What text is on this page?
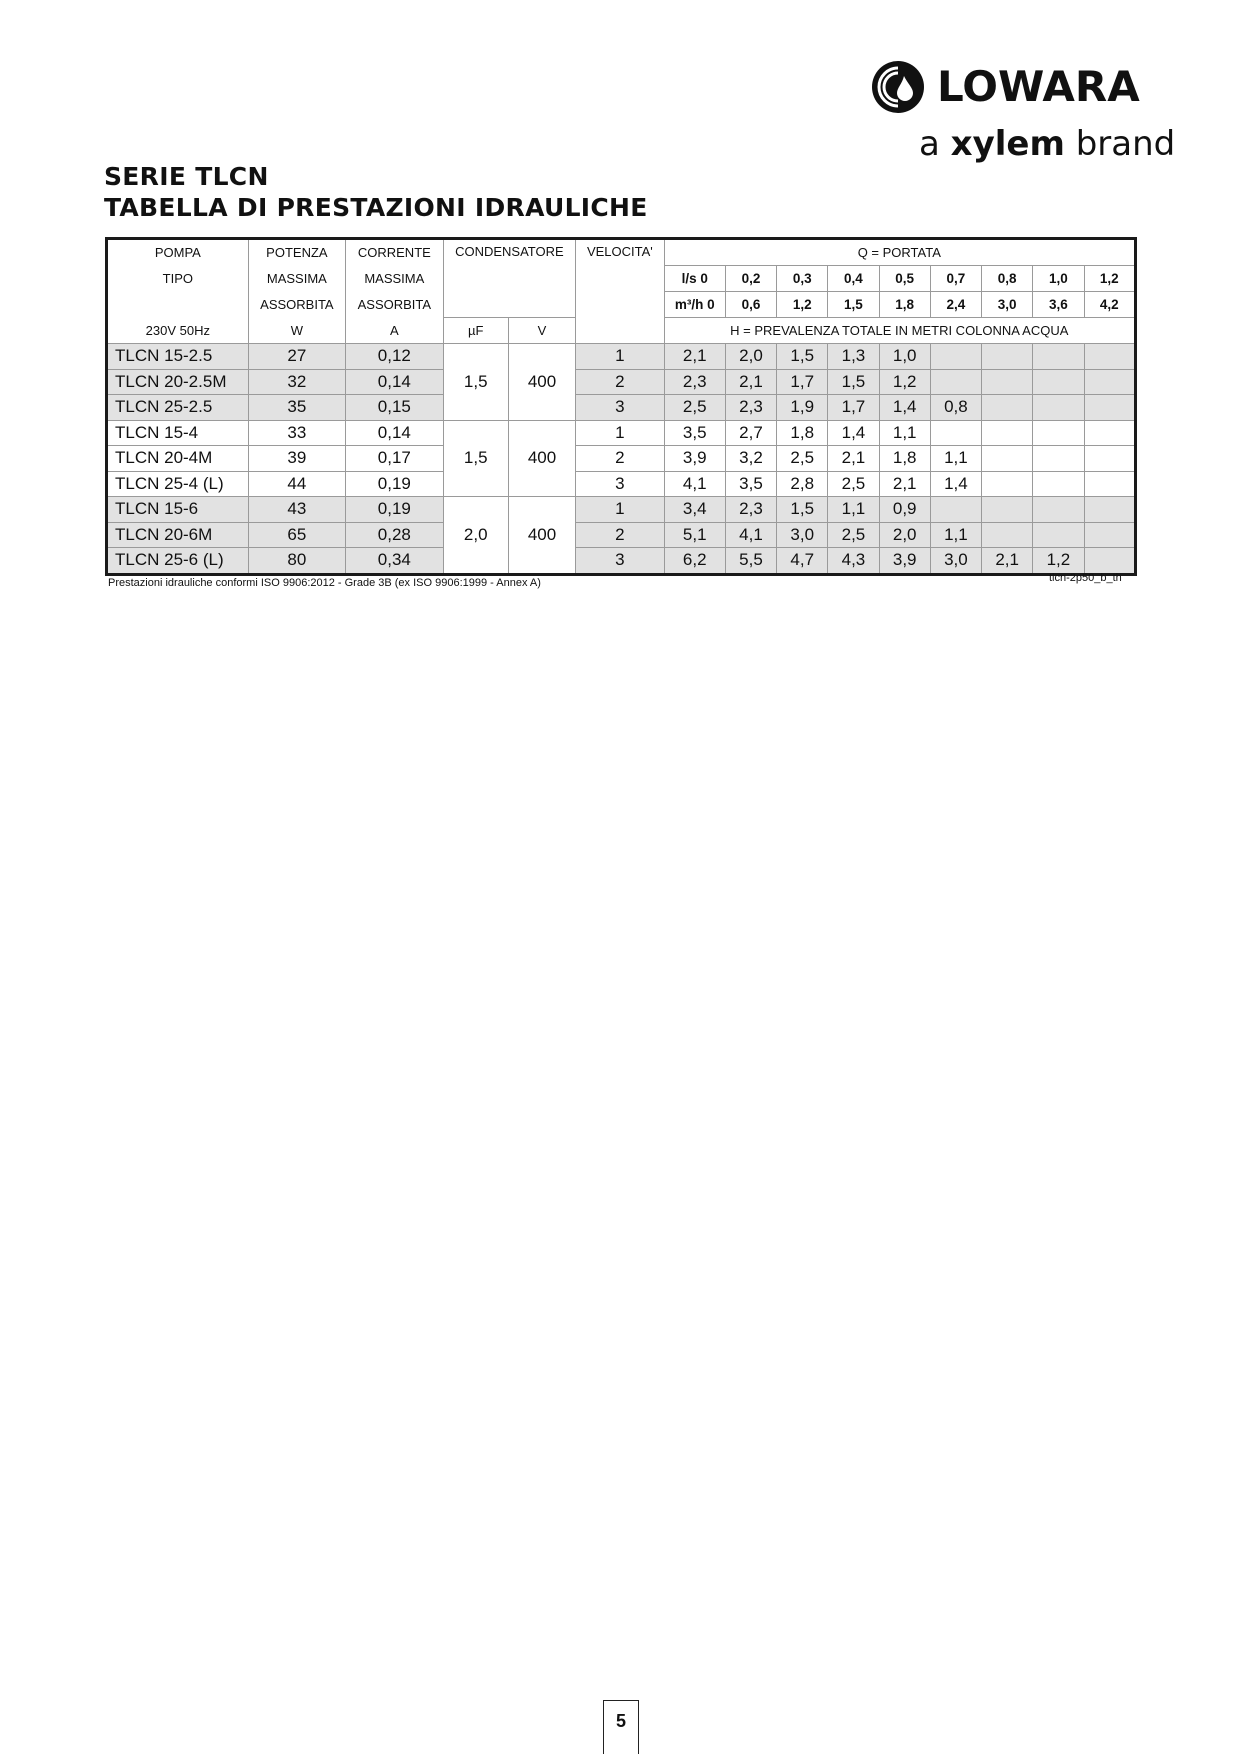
LOWARA
a xylem brand
SERIE TLCN
TABELLA DI PRESTAZIONI IDRAULICHE
POMPA	POTENZA	CORRENTE	CONDENSATORE		VELOCITA'	Q = PORTATA								
TIPO	MASSIMA	MASSIMA				l/s 0	0,2	0,3	0,4	0,5	0,7	0,8	1,0	1,2
	ASSORBITA	ASSORBITA				m³/h 0	0,6	1,2	1,5	1,8	2,4	3,0	3,6	4,2
230V 50Hz	W	A	µF	V		H = PREVALENZA TOTALE IN METRI COLONNA ACQUA								
TLCN 15-2.5	27	0,12	1,5	400	1	2,1	2,0	1,5	1,3	1,0				
TLCN 20-2.5M	32	0,14			2	2,3	2,1	1,7	1,5	1,2				
TLCN 25-2.5	35	0,15			3	2,5	2,3	1,9	1,7	1,4	0,8			
TLCN 15-4	33	0,14	1,5	400	1	3,5	2,7	1,8	1,4	1,1				
TLCN 20-4M	39	0,17			2	3,9	3,2	2,5	2,1	1,8	1,1			
TLCN 25-4 (L)	44	0,19			3	4,1	3,5	2,8	2,5	2,1	1,4			
TLCN 15-6	43	0,19	2,0	400	1	3,4	2,3	1,5	1,1	0,9				
TLCN 20-6M	65	0,28			2	5,1	4,1	3,0	2,5	2,0	1,1			
TLCN 25-6 (L)	80	0,34			3	6,2	5,5	4,7	4,3	3,9	3,0	2,1	1,2	
Prestazioni idrauliche conformi ISO 9906:2012 - Grade 3B (ex ISO 9906:1999 - Annex A)	tlcn-2p50_b_th
5
